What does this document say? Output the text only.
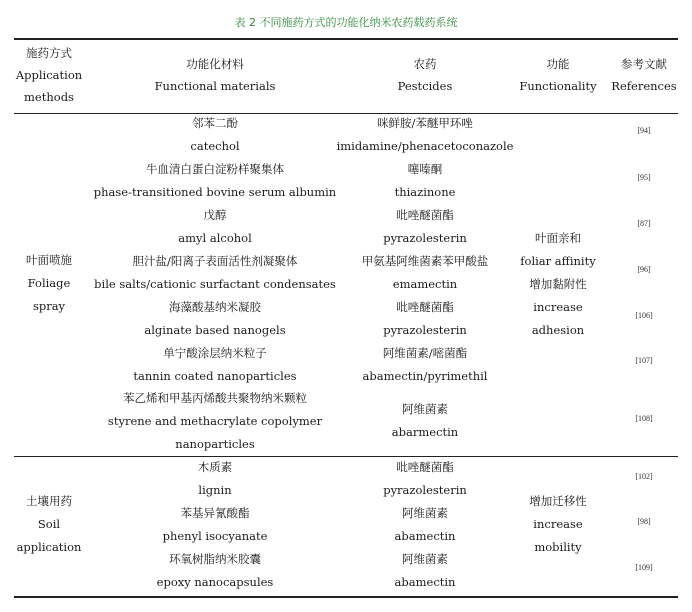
表 2 不同施药方式的功能化纳米农药载药系统
施药方式
Application
methods
功能化材料
Functional materials
农药
Pestcides
功能
Functionality
参考文献
References
叶面喷施
Foliage
spray
叶面亲和
foliar affinity
增加黏附性
increase
adhesion
邻苯二酚
catechol
咪鲜胺/苯醚甲环唑
imidamine/phenacetoconazole
[94]
牛血清白蛋白淀粉样聚集体
phase-transitioned bovine serum albumin
噻嗪酮
thiazinone
[95]
戊醇
amyl alcohol
吡唑醚菌酯
pyrazolesterin
[87]
胆汁盐/阳离子表面活性剂凝聚体
bile salts/cationic surfactant condensates
甲氨基阿维菌素苯甲酸盐
emamectin
[96]
海藻酸基纳米凝胶
alginate based nanogels
吡唑醚菌酯
pyrazolesterin
[106]
单宁酸涂层纳米粒子
tannin coated nanoparticles
阿维菌素/嘧菌酯
abamectin/pyrimethil
[107]
苯乙烯和甲基丙烯酸共聚物纳米颗粒
styrene and methacrylate copolymer
nanoparticles
阿维菌素
abarmectin
[108]
土壤用药
Soil
application
增加迁移性
increase
mobility
木质素
lignin
吡唑醚菌酯
pyrazolesterin
[102]
苯基异氰酸酯
phenyl isocyanate
阿维菌素
abamectin
[98]
环氧树脂纳米胶囊
epoxy nanocapsules
阿维菌素
abamectin
[109]
